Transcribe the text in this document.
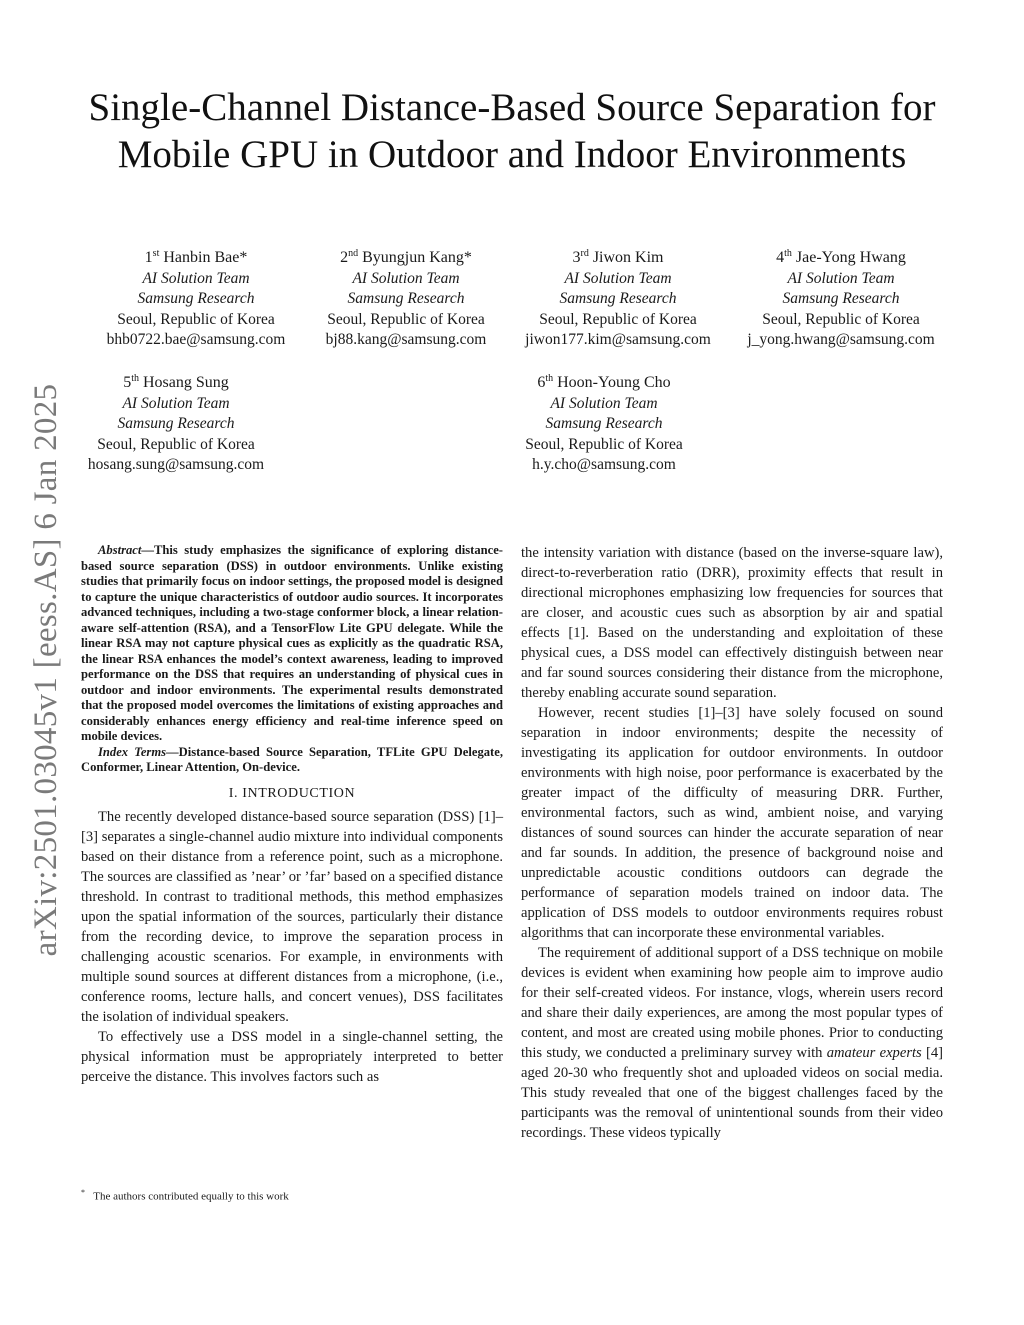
arXiv:2501.03045v1 [eess.AS] 6 Jan 2025
Single-Channel Distance-Based Source Separation for Mobile GPU in Outdoor and Indoor Environments
1st Hanbin Bae*
AI Solution Team
Samsung Research
Seoul, Republic of Korea
bhb0722.bae@samsung.com
2nd Byungjun Kang*
AI Solution Team
Samsung Research
Seoul, Republic of Korea
bj88.kang@samsung.com
3rd Jiwon Kim
AI Solution Team
Samsung Research
Seoul, Republic of Korea
jiwon177.kim@samsung.com
4th Jae-Yong Hwang
AI Solution Team
Samsung Research
Seoul, Republic of Korea
j_yong.hwang@samsung.com
5th Hosang Sung
AI Solution Team
Samsung Research
Seoul, Republic of Korea
hosang.sung@samsung.com
6th Hoon-Young Cho
AI Solution Team
Samsung Research
Seoul, Republic of Korea
h.y.cho@samsung.com

Abstract—This study emphasizes the significance of exploring distance-based source separation (DSS) in outdoor environments. Unlike existing studies that primarily focus on indoor settings, the proposed model is designed to capture the unique characteristics of outdoor audio sources. It incorporates advanced techniques, including a two-stage conformer block, a linear relation-aware self-attention (RSA), and a TensorFlow Lite GPU delegate. While the linear RSA may not capture physical cues as explicitly as the quadratic RSA, the linear RSA enhances the model’s context awareness, leading to improved performance on the DSS that requires an understanding of physical cues in outdoor and indoor environments. The experimental results demonstrated that the proposed model overcomes the limitations of existing approaches and considerably enhances energy efficiency and real-time inference speed on mobile devices.

Index Terms—Distance-based Source Separation, TFLite GPU Delegate, Conformer, Linear Attention, On-device.

I. INTRODUCTION

The recently developed distance-based source separation (DSS) [1]–[3] separates a single-channel audio mixture into individual components based on their distance from a reference point, such as a microphone. The sources are classified as ’near’ or ’far’ based on a specified distance threshold. In contrast to traditional methods, this method emphasizes upon the spatial information of the sources, particularly their distance from the recording device, to improve the separation process in challenging acoustic scenarios. For example, in environments with multiple sound sources at different distances from a microphone, (i.e., conference rooms, lecture halls, and concert venues), DSS facilitates the isolation of individual speakers.

To effectively use a DSS model in a single-channel setting, the physical information must be appropriately interpreted to better perceive the distance. This involves factors such as

the intensity variation with distance (based on the inverse-square law), direct-to-reverberation ratio (DRR), proximity effects that result in directional microphones emphasizing low frequencies for sources that are closer, and acoustic cues such as absorption by air and spatial effects [1]. Based on the understanding and exploitation of these physical cues, a DSS model can effectively distinguish between near and far sound sources considering their distance from the microphone, thereby enabling accurate sound separation.

However, recent studies [1]–[3] have solely focused on sound separation in indoor environments; despite the necessity of investigating its application for outdoor environments. In outdoor environments with high noise, poor performance is exacerbated by the greater impact of the difficulty of measuring DRR. Further, environmental factors, such as wind, ambient noise, and varying distances of sound sources can hinder the accurate separation of near and far sounds. In addition, the presence of background noise and unpredictable acoustic conditions outdoors can degrade the performance of separation models trained on indoor data. The application of DSS models to outdoor environments requires robust algorithms that can incorporate these environmental variables.

The requirement of additional support of a DSS technique on mobile devices is evident when examining how people aim to improve audio for their self-created videos. For instance, vlogs, wherein users record and share their daily experiences, are among the most popular types of content, and most are created using mobile phones. Prior to conducting this study, we conducted a preliminary survey with amateur experts [4] aged 20-30 who frequently shot and uploaded videos on social media. This study revealed that one of the biggest challenges faced by the participants was the removal of unintentional sounds from their video recordings. These videos typically

* The authors contributed equally to this work
